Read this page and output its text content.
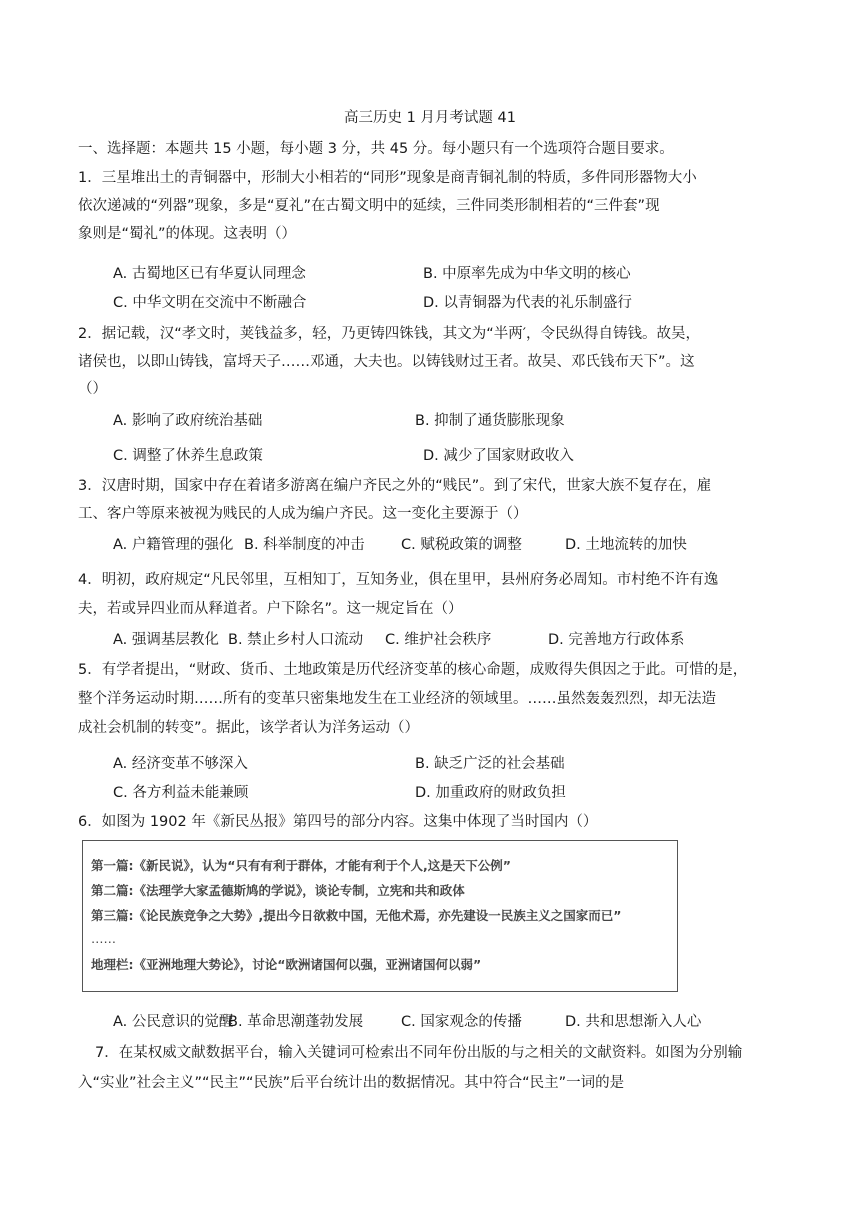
高三历史 1 月月考试题 41
一、选择题：本题共 15 小题，每小题 3 分，共 45 分。每小题只有一个选项符合题目要求。
1．三星堆出土的青铜器中，形制大小相若的“同形”现象是商青铜礼制的特质，多件同形器物大小
依次递减的“列器”现象，多是“夏礼”在古蜀文明中的延续，三件同类形制相若的“三件套”现
象则是“蜀礼”的体现。这表明（）
A. 古蜀地区已有华夏认同理念	B. 中原率先成为中华文明的核心
C. 中华文明在交流中不断融合	D. 以青铜器为代表的礼乐制盛行
2．据记载，汉“孝文时，荚钱益多，轻，乃更铸四铢钱，其文为“半两′，令民纵得自铸钱。故吴，
诸侯也，以即山铸钱，富埒天子……邓通，大夫也。以铸钱财过王者。故吴、邓氏钱布天下”。这
（）
A. 影响了政府统治基础	B. 抑制了通货膨胀现象
C. 调整了休养生息政策	D. 减少了国家财政收入
3．汉唐时期，国家中存在着诸多游离在编户齐民之外的“贱民”。到了宋代，世家大族不复存在，雇
工、客户等原来被视为贱民的人成为编户齐民。这一变化主要源于（）
A. 户籍管理的强化 B. 科举制度的冲击	C. 赋税政策的调整	D. 土地流转的加快
4．明初，政府规定“凡民邻里，互相知丁，互知务业，俱在里甲，县州府务必周知。市村绝不许有逸
夫，若或异四业而从释道者。户下除名”。这一规定旨在（）
A. 强调基层教化 B. 禁止乡村人口流动 C. 维护社会秩序	D. 完善地方行政体系
5．有学者提出，“财政、货币、土地政策是历代经济变革的核心命题，成败得失俱因之于此。可惜的是，
整个洋务运动时期……所有的变革只密集地发生在工业经济的领域里。……虽然轰轰烈烈，却无法造
成社会机制的转变”。据此，该学者认为洋务运动（）
A. 经济变革不够深入	B. 缺乏广泛的社会基础
C. 各方利益未能兼顾	D. 加重政府的财政负担
6．如图为 1902 年《新民丛报》第四号的部分内容。这集中体现了当时国内（）
第一篇:《新民说》，认为“只有有利于群体，才能有利于个人,这是天下公例”
第二篇:《法理学大家孟德斯鸠的学说》，谈论专制，立宪和共和政体
第三篇:《论民族竞争之大势》,提出今日欲救中国，无他术焉，亦先建设一民族主义之国家而已”
……
地理栏:《亚洲地理大势论》，讨论“欧洲诸国何以强，亚洲诸国何以弱”
A. 公民意识的觉醒
B. 革命思潮蓬勃发展	C. 国家观念的传播	D. 共和思想渐入人心
7．在某权威文献数据平台，输入关键词可检索出不同年份出版的与之相关的文献资料。如图为分别输
入“实业”社会主义”“民主”“民族”后平台统计出的数据情况。其中符合“民主”一词的是
